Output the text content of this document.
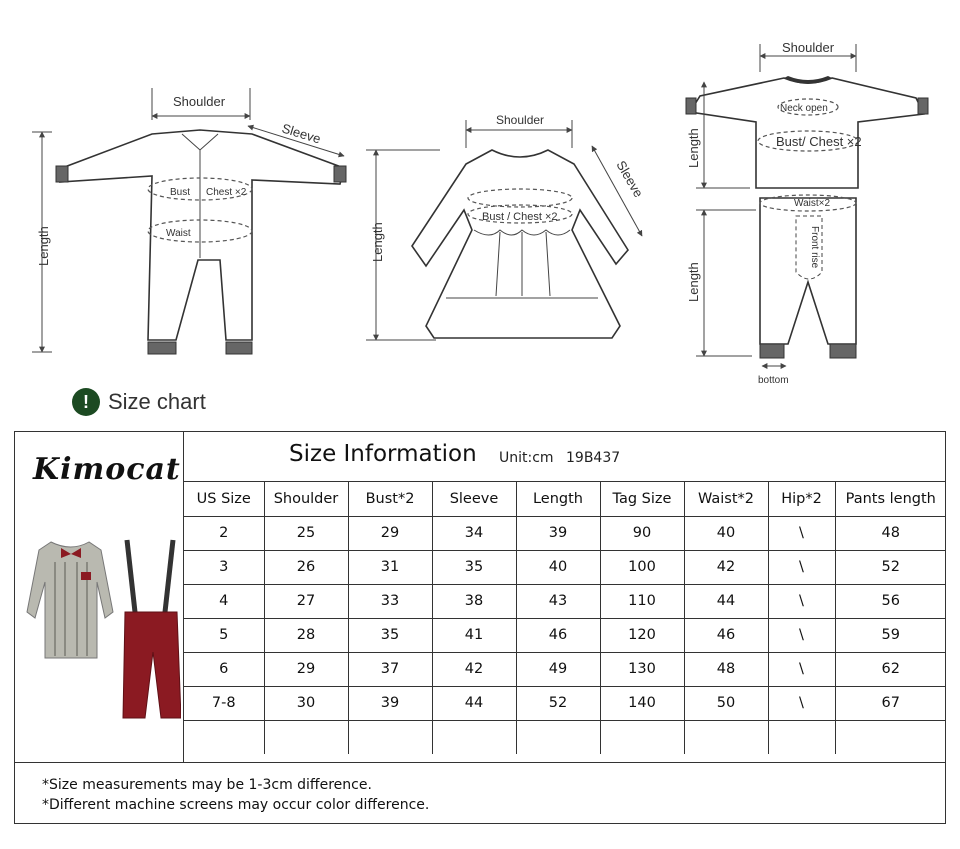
Shoulder
Sleeve
Length
Bust Chest ×2
Waist
Shoulder
Sleeve
Length
Bust / Chest ×2
Shoulder
Neck open
Bust/ Chest ×2
Length
Waist×2
Front rise
Length
bottom
! Size chart
Kimocat	Size Information Unit:cm 19B437
US Size	Shoulder	Bust*2	Sleeve	Length	Tag Size	Waist*2	Hip*2	Pants length
2	25	29	34	39	90	40	\	48
3	26	31	35	40	100	42	\	52
4	27	33	38	43	110	44	\	56
5	28	35	41	46	120	46	\	59
6	29	37	42	49	130	48	\	62
7-8	30	39	44	52	140	50	\	67

*Size measurements may be 1-3cm difference.
*Different machine screens may occur color difference.
